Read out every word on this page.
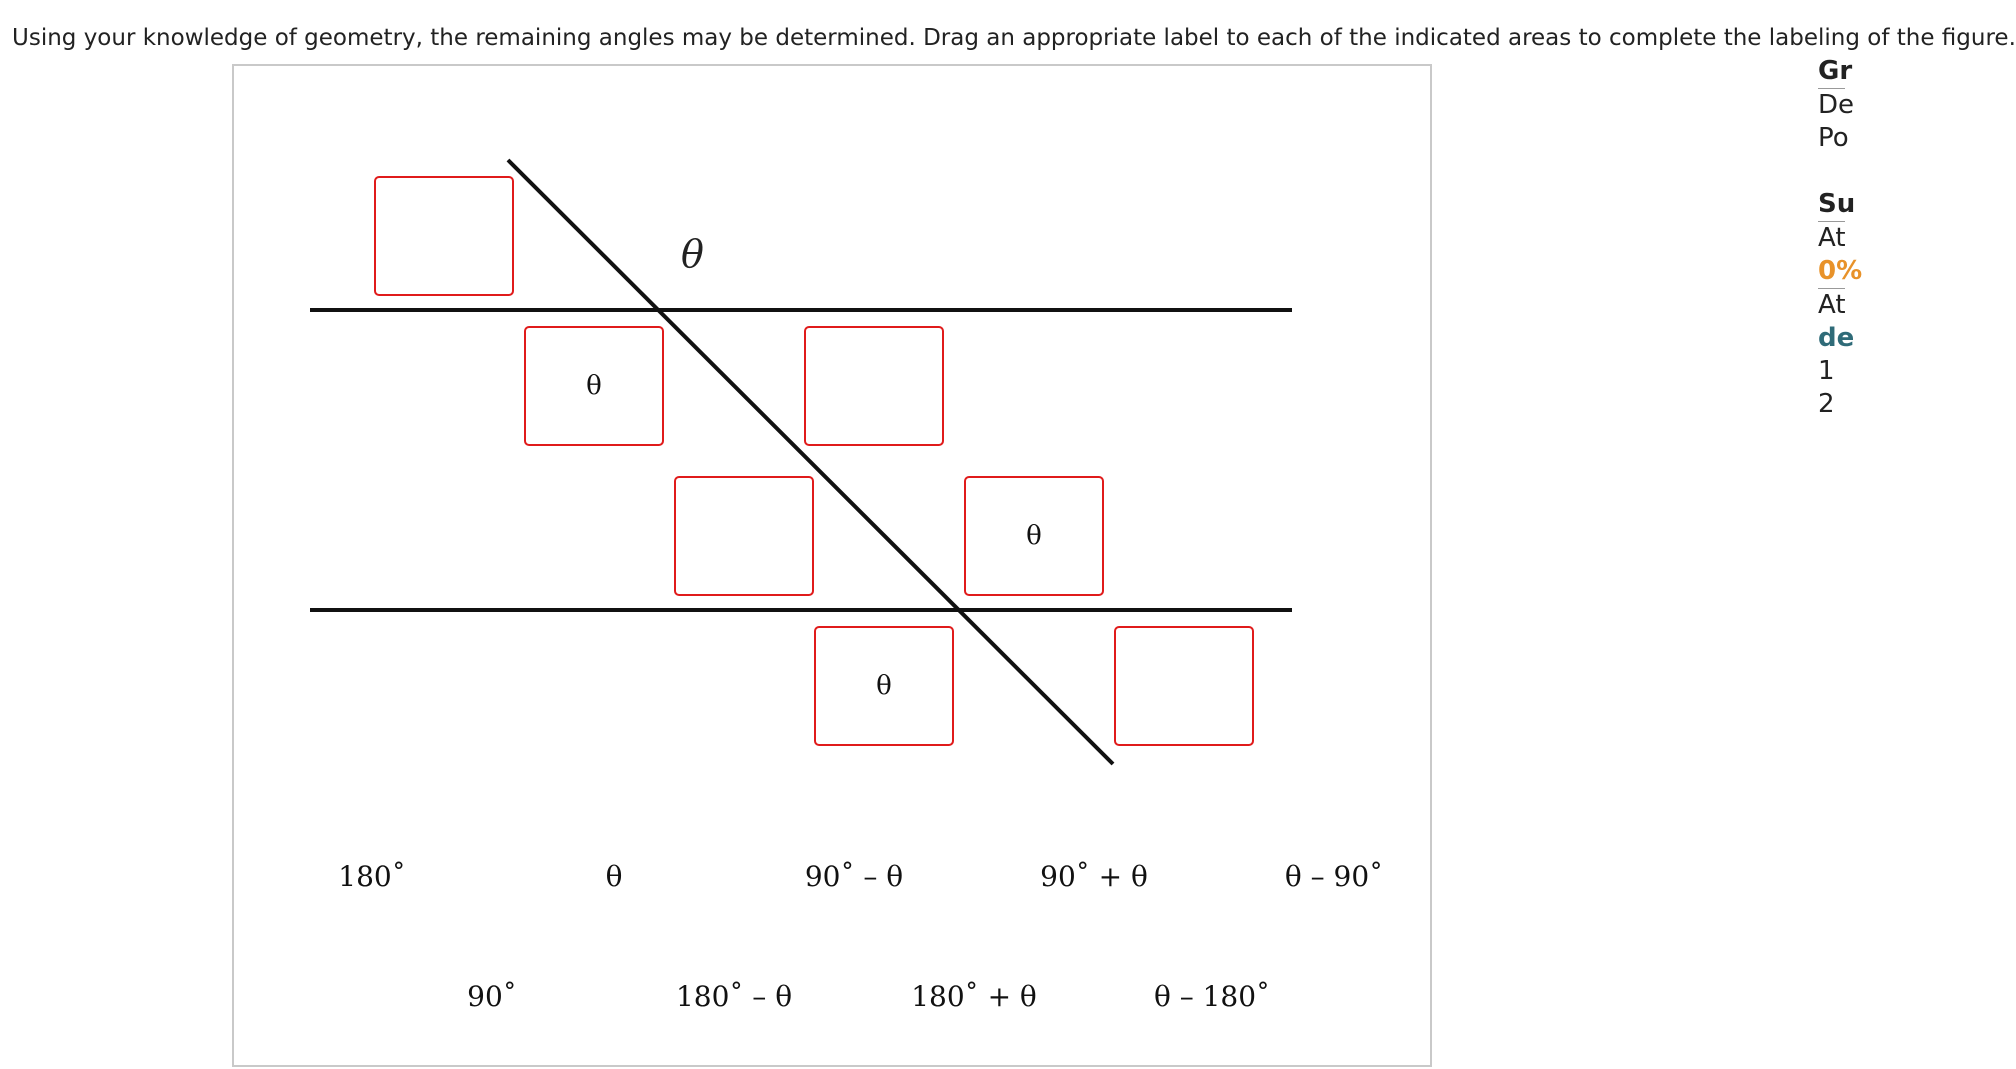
Using your knowledge of geometry, the remaining angles may be determined. Drag an appropriate label to each of the indicated areas to complete the labeling of the figure.
θ
θ
θ
θ
180˚	θ	90˚ – θ	90˚ + θ	θ – 90˚
90˚	180˚ – θ	180˚ + θ	θ – 180˚
Gr
De
Po
Su
At
0%
At
de
1
2
